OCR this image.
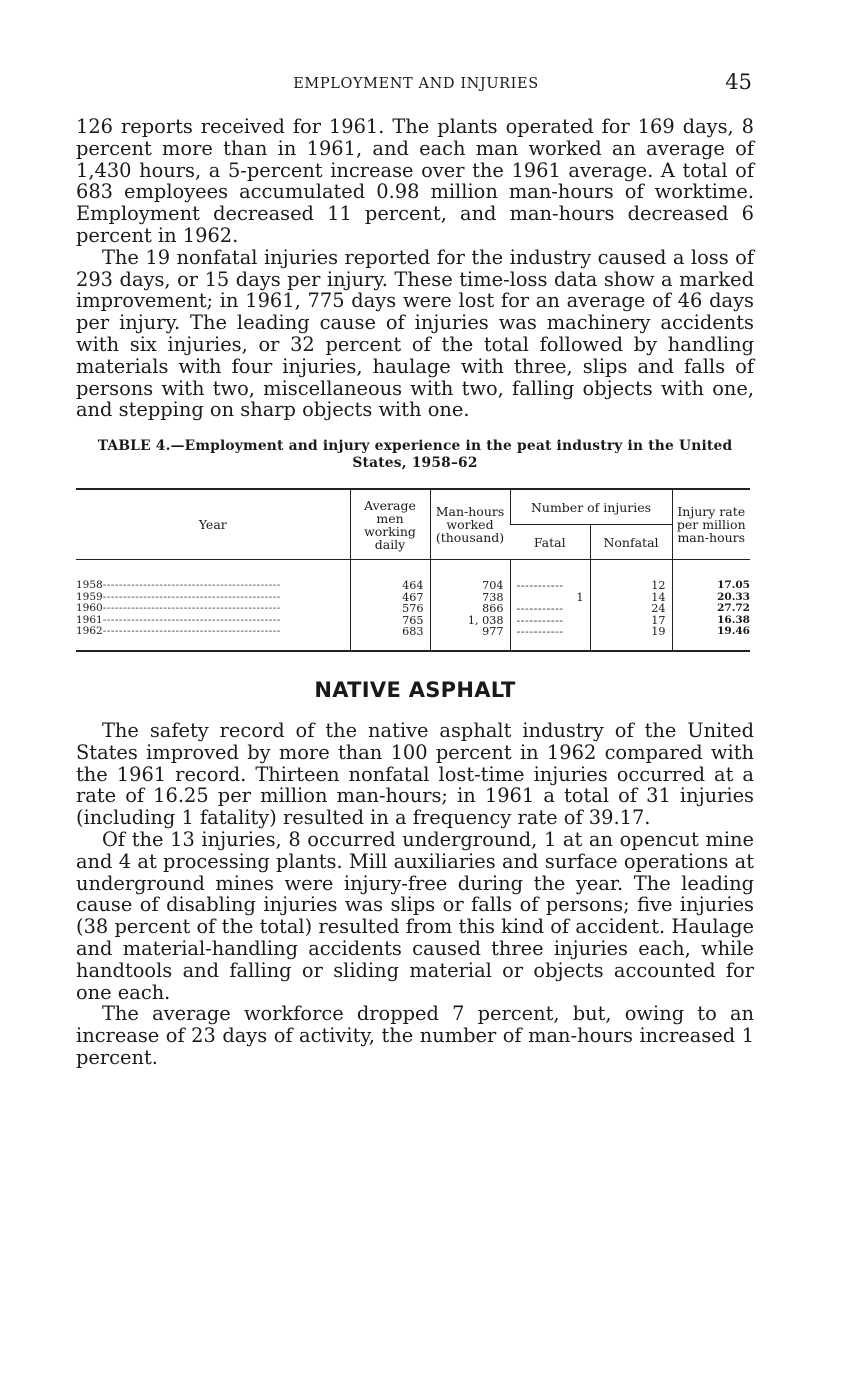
EMPLOYMENT AND INJURIES	45

126 reports received for 1961. The plants operated for 169 days, 8 percent more than in 1961, and each man worked an average of 1,430 hours, a 5-percent increase over the 1961 average. A total of 683 employees accumulated 0.98 million man-hours of worktime. Employment decreased 11 percent, and man-hours decreased 6 percent in 1962.

The 19 nonfatal injuries reported for the industry caused a loss of 293 days, or 15 days per injury. These time-loss data show a marked improvement; in 1961, 775 days were lost for an average of 46 days per injury. The leading cause of injuries was machinery accidents with six injuries, or 32 percent of the total followed by handling materials with four injuries, haulage with three, slips and falls of persons with two, miscellaneous with two, falling objects with one, and stepping on sharp objects with one.

TABLE 4.—Employment and injury experience in the peat industry in the United
States, 1958–62
Year	Average men working daily	Man-hours worked (thousand)	Number of injuries		Injury rate per million man-hours
			Fatal	Nonfatal	

1958--------------------------------------------	464	704	-----------	12	17.05
1959--------------------------------------------	467	738	1	14	20.33
1960--------------------------------------------	576	866	-----------	24	27.72
1961--------------------------------------------	765	1, 038	-----------	17	16.38
1962--------------------------------------------	683	977	-----------	19	19.46

NATIVE ASPHALT

The safety record of the native asphalt industry of the United States improved by more than 100 percent in 1962 compared with the 1961 record. Thirteen nonfatal lost-time injuries occurred at a rate of 16.25 per million man-hours; in 1961 a total of 31 injuries (including 1 fatality) resulted in a frequency rate of 39.17.

Of the 13 injuries, 8 occurred underground, 1 at an opencut mine and 4 at processing plants. Mill auxiliaries and surface operations at underground mines were injury-free during the year. The leading cause of disabling injuries was slips or falls of persons; five injuries (38 percent of the total) resulted from this kind of accident. Haulage and material-handling accidents caused three injuries each, while handtools and falling or sliding material or objects accounted for one each.

The average workforce dropped 7 percent, but, owing to an increase of 23 days of activity, the number of man-hours increased 1 percent.
